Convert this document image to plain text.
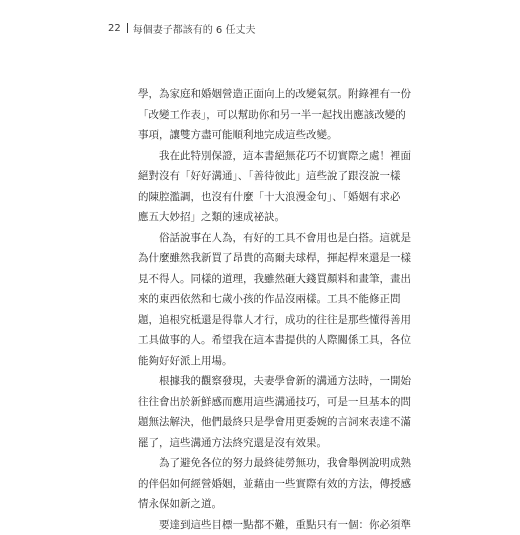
22 每個妻子都該有的 6 任丈夫

學，為家庭和婚姻營造正面向上的改變氣氛。附錄裡有一份
「改變工作表」，可以幫助你和另一半一起找出應該改變的
事項，讓雙方盡可能順利地完成這些改變。

我在此特別保證，這本書絕無花巧不切實際之處！裡面
絕對沒有「好好溝通」、「善待彼此」這些說了跟沒說一樣
的陳腔濫調，也沒有什麼「十大浪漫金句」、「婚姻有求必
應五大妙招」之類的速成祕訣。

俗話說事在人為，有好的工具不會用也是白搭。這就是
為什麼雖然我新買了昂貴的高爾夫球桿，揮起桿來還是一樣
見不得人。同樣的道理，我雖然砸大錢買顏料和畫筆，畫出
來的東西依然和七歲小孩的作品沒兩樣。工具不能修正問
題，追根究柢還是得靠人才行，成功的往往是那些懂得善用
工具做事的人。希望我在這本書提供的人際關係工具，各位
能夠好好派上用場。

根據我的觀察發現，夫妻學會新的溝通方法時，一開始
往往會出於新鮮感而應用這些溝通技巧，可是一旦基本的問
題無法解決，他們最終只是學會用更委婉的言詞來表達不滿
罷了，這些溝通方法終究還是沒有效果。

為了避免各位的努力最終徒勞無功，我會舉例說明成熟
的伴侶如何經營婚姻，並藉由一些實際有效的方法，傳授感
情永保如新之道。

要達到這些目標一點都不難，重點只有一個：你必須準
